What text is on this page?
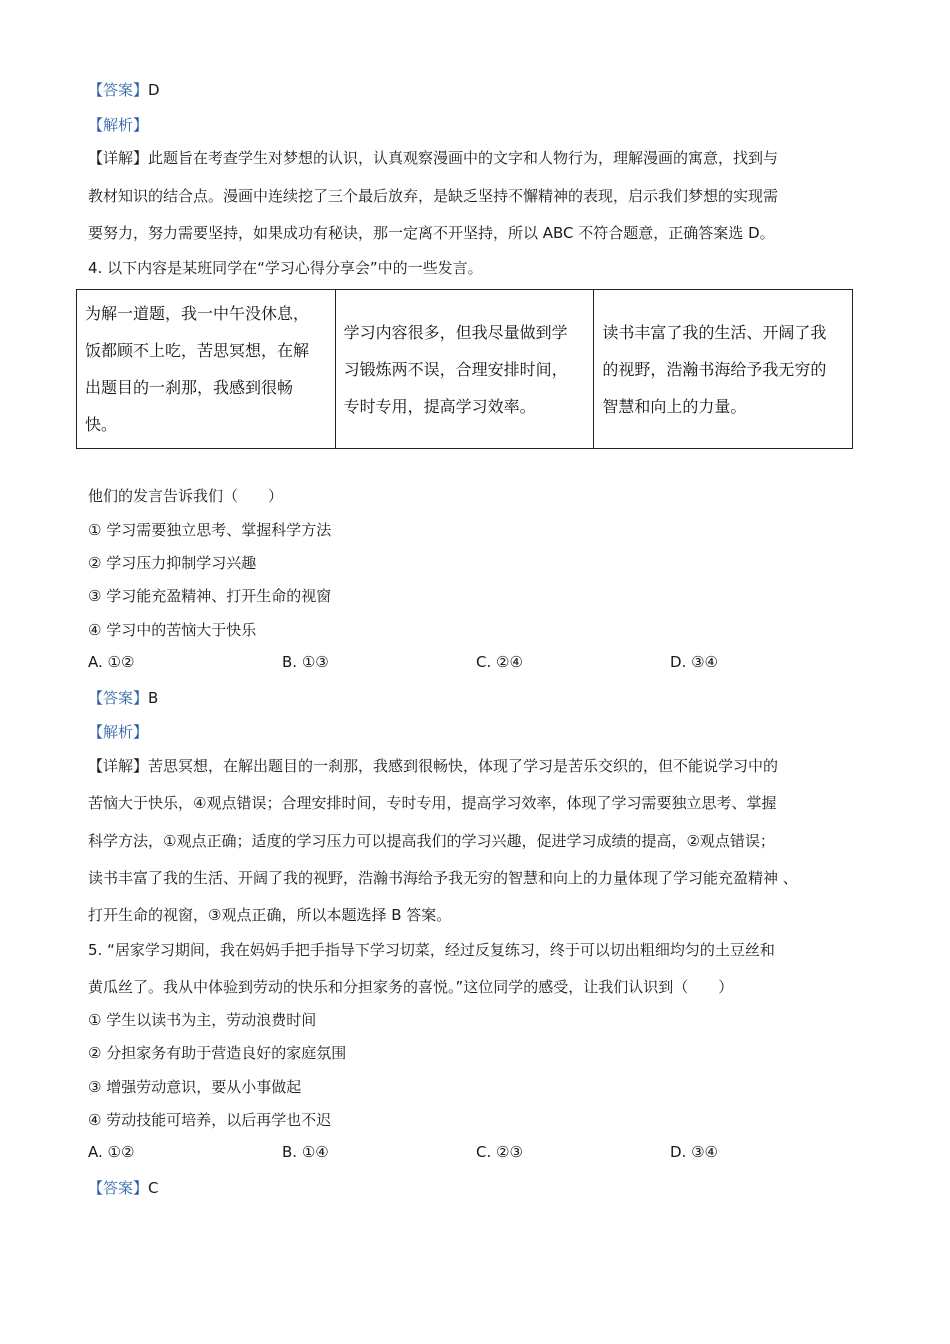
【答案】D
【解析】
【详解】此题旨在考查学生对梦想的认识，认真观察漫画中的文字和人物行为，理解漫画的寓意，找到与
教材知识的结合点。漫画中连续挖了三个最后放弃，是缺乏坚持不懈精神的表现，启示我们梦想的实现需
要努力，努力需要坚持，如果成功有秘诀，那一定离不开坚持，所以 ABC 不符合题意，正确答案选 D。
4. 以下内容是某班同学在“学习心得分享会”中的一些发言。
为解一道题，我一中午没休息，
饭都顾不上吃，苦思冥想，在解
出题目的一刹那，我感到很畅
快。

学习内容很多，但我尽量做到学
习锻炼两不误，合理安排时间，
专时专用，提高学习效率。

读书丰富了我的生活、开阔了我
的视野，浩瀚书海给予我无穷的
智慧和向上的力量。
他们的发言告诉我们（　　）
① 学习需要独立思考、掌握科学方法
② 学习压力抑制学习兴趣
③ 学习能充盈精神、打开生命的视窗
④ 学习中的苦恼大于快乐
A. ①②	B. ①③	C. ②④	D. ③④
【答案】B
【解析】
【详解】苦思冥想，在解出题目的一刹那，我感到很畅快，体现了学习是苦乐交织的，但不能说学习中的
苦恼大于快乐，④观点错误；合理安排时间，专时专用，提高学习效率，体现了学习需要独立思考、掌握
科学方法，①观点正确；适度的学习压力可以提高我们的学习兴趣，促进学习成绩的提高，②观点错误；
读书丰富了我的生活、开阔了我的视野，浩瀚书海给予我无穷的智慧和向上的力量体现了学习能充盈精神 、
打开生命的视窗，③观点正确，所以本题选择 B 答案。
5. “居家学习期间，我在妈妈手把手指导下学习切菜，经过反复练习，终于可以切出粗细均匀的土豆丝和
黄瓜丝了。我从中体验到劳动的快乐和分担家务的喜悦。”这位同学的感受，让我们认识到（　　）
① 学生以读书为主，劳动浪费时间
② 分担家务有助于营造良好的家庭氛围
③ 增强劳动意识，要从小事做起
④ 劳动技能可培养，以后再学也不迟
A. ①②	B. ①④	C. ②③	D. ③④
【答案】C
